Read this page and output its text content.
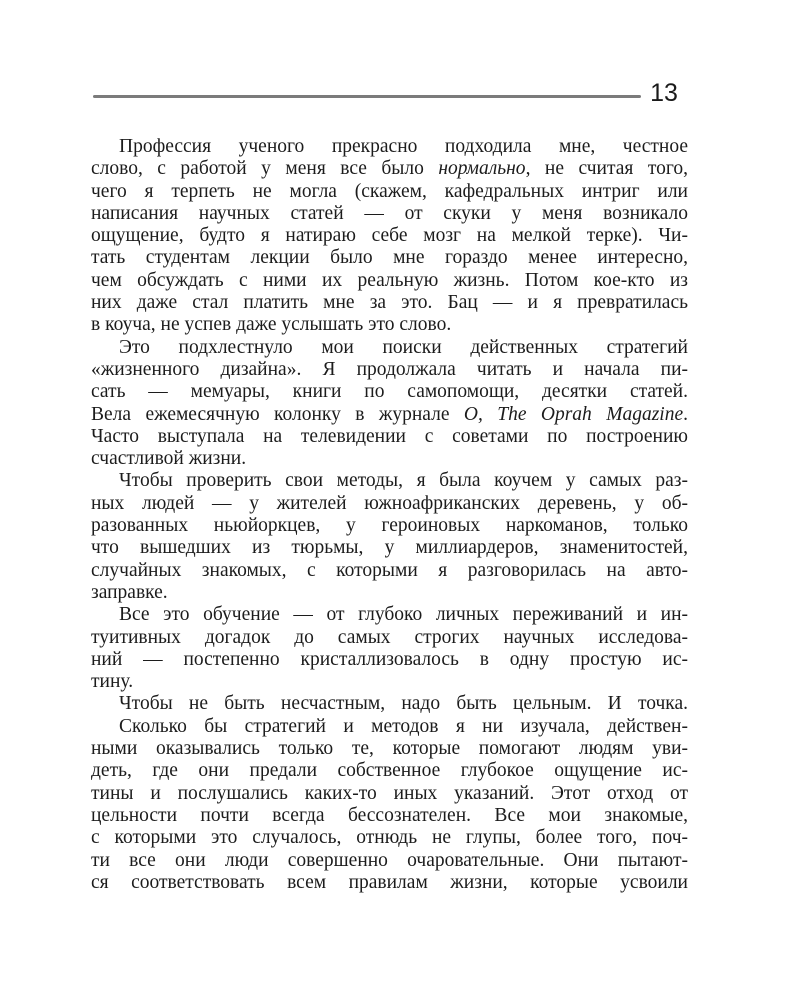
13
Профессия ученого прекрасно подходила мне, честное
слово, с работой у меня все было нормально, не считая того,
чего я терпеть не могла (скажем, кафедральных интриг или
написания научных статей — от скуки у меня возникало
ощущение, будто я натираю себе мозг на мелкой терке). Чи-
тать студентам лекции было мне гораздо менее интересно,
чем обсуждать с ними их реальную жизнь. Потом кое-кто из
них даже стал платить мне за это. Бац — и я превратилась
в коуча, не успев даже услышать это слово.
Это подхлестнуло мои поиски действенных стратегий
«жизненного дизайна». Я продолжала читать и начала пи-
сать — мемуары, книги по самопомощи, десятки статей.
Вела ежемесячную колонку в журнале O, The Oprah Magazine.
Часто выступала на телевидении с советами по построению
счастливой жизни.
Чтобы проверить свои методы, я была коучем у самых раз-
ных людей — у жителей южноафриканских деревень, у об-
разованных ньюйоркцев, у героиновых наркоманов, только
что вышедших из тюрьмы, у миллиардеров, знаменитостей,
случайных знакомых, с которыми я разговорилась на авто-
заправке.
Все это обучение — от глубоко личных переживаний и ин-
туитивных догадок до самых строгих научных исследова-
ний — постепенно кристаллизовалось в одну простую ис-
тину.
Чтобы не быть несчастным, надо быть цельным. И точка.
Сколько бы стратегий и методов я ни изучала, действен-
ными оказывались только те, которые помогают людям уви-
деть, где они предали собственное глубокое ощущение ис-
тины и послушались каких-то иных указаний. Этот отход от
цельности почти всегда бессознателен. Все мои знакомые,
с которыми это случалось, отнюдь не глупы, более того, поч-
ти все они люди совершенно очаровательные. Они пытают-
ся соответствовать всем правилам жизни, которые усвоили
